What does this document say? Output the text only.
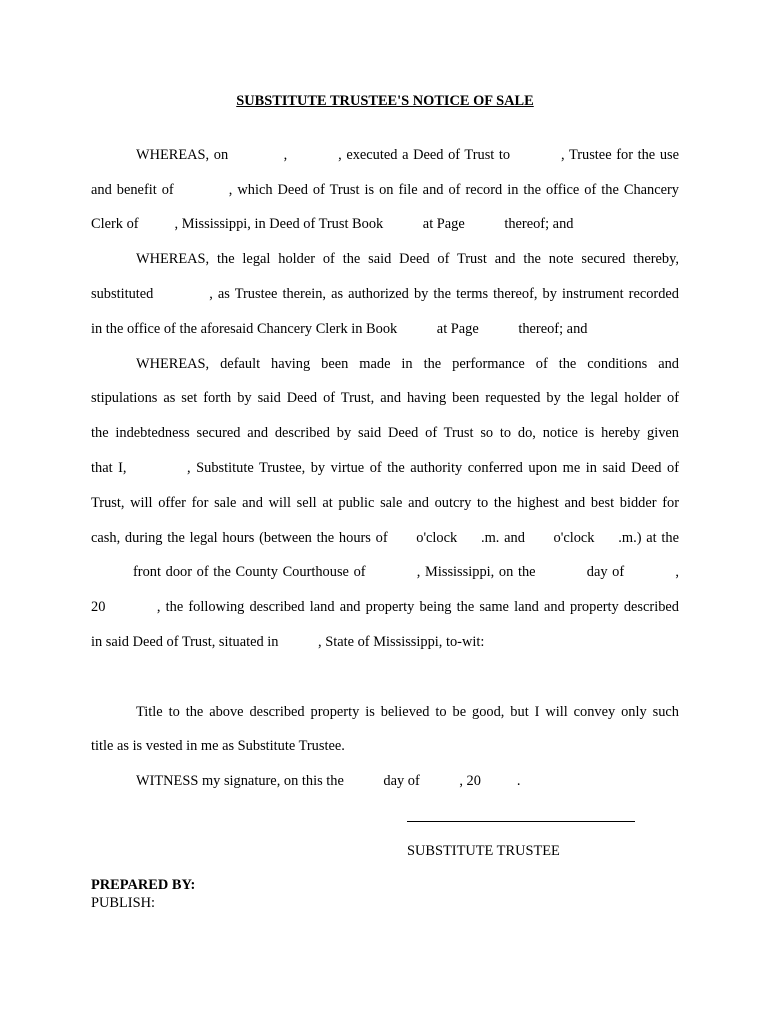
SUBSTITUTE TRUSTEE'S NOTICE OF SALE

WHEREAS, on            ,           , executed a Deed of Trust to           , Trustee for the use

and benefit of           , which Deed of Trust is on file and of record in the office of the Chancery

Clerk of          , Mississippi, in Deed of Trust Book           at Page           thereof; and

WHEREAS, the legal holder of the said Deed of Trust and the note secured thereby,

substituted           , as Trustee therein, as authorized by the terms thereof, by instrument recorded

in the office of the aforesaid Chancery Clerk in Book           at Page           thereof; and

WHEREAS, default having been made in the performance of the conditions and

stipulations as set forth by said Deed of Trust, and having been requested by the legal holder of

the indebtedness secured and described by said Deed of Trust so to do, notice is hereby given

that I,           , Substitute Trustee, by virtue of the authority conferred upon me in said Deed of

Trust, will offer for sale and will sell at public sale and outcry to the highest and best bidder for

cash, during the legal hours (between the hours of      o'clock     .m. and      o'clock     .m.) at the

front door of the County Courthouse of           , Mississippi, on the           day of           ,

20          , the following described land and property being the same land and property described

in said Deed of Trust, situated in           , State of Mississippi, to-wit:

Title to the above described property is believed to be good, but I will convey only such

title as is vested in me as Substitute Trustee.

WITNESS my signature, on this the           day of           , 20          .

SUBSTITUTE TRUSTEE
PREPARED BY:
PUBLISH:
